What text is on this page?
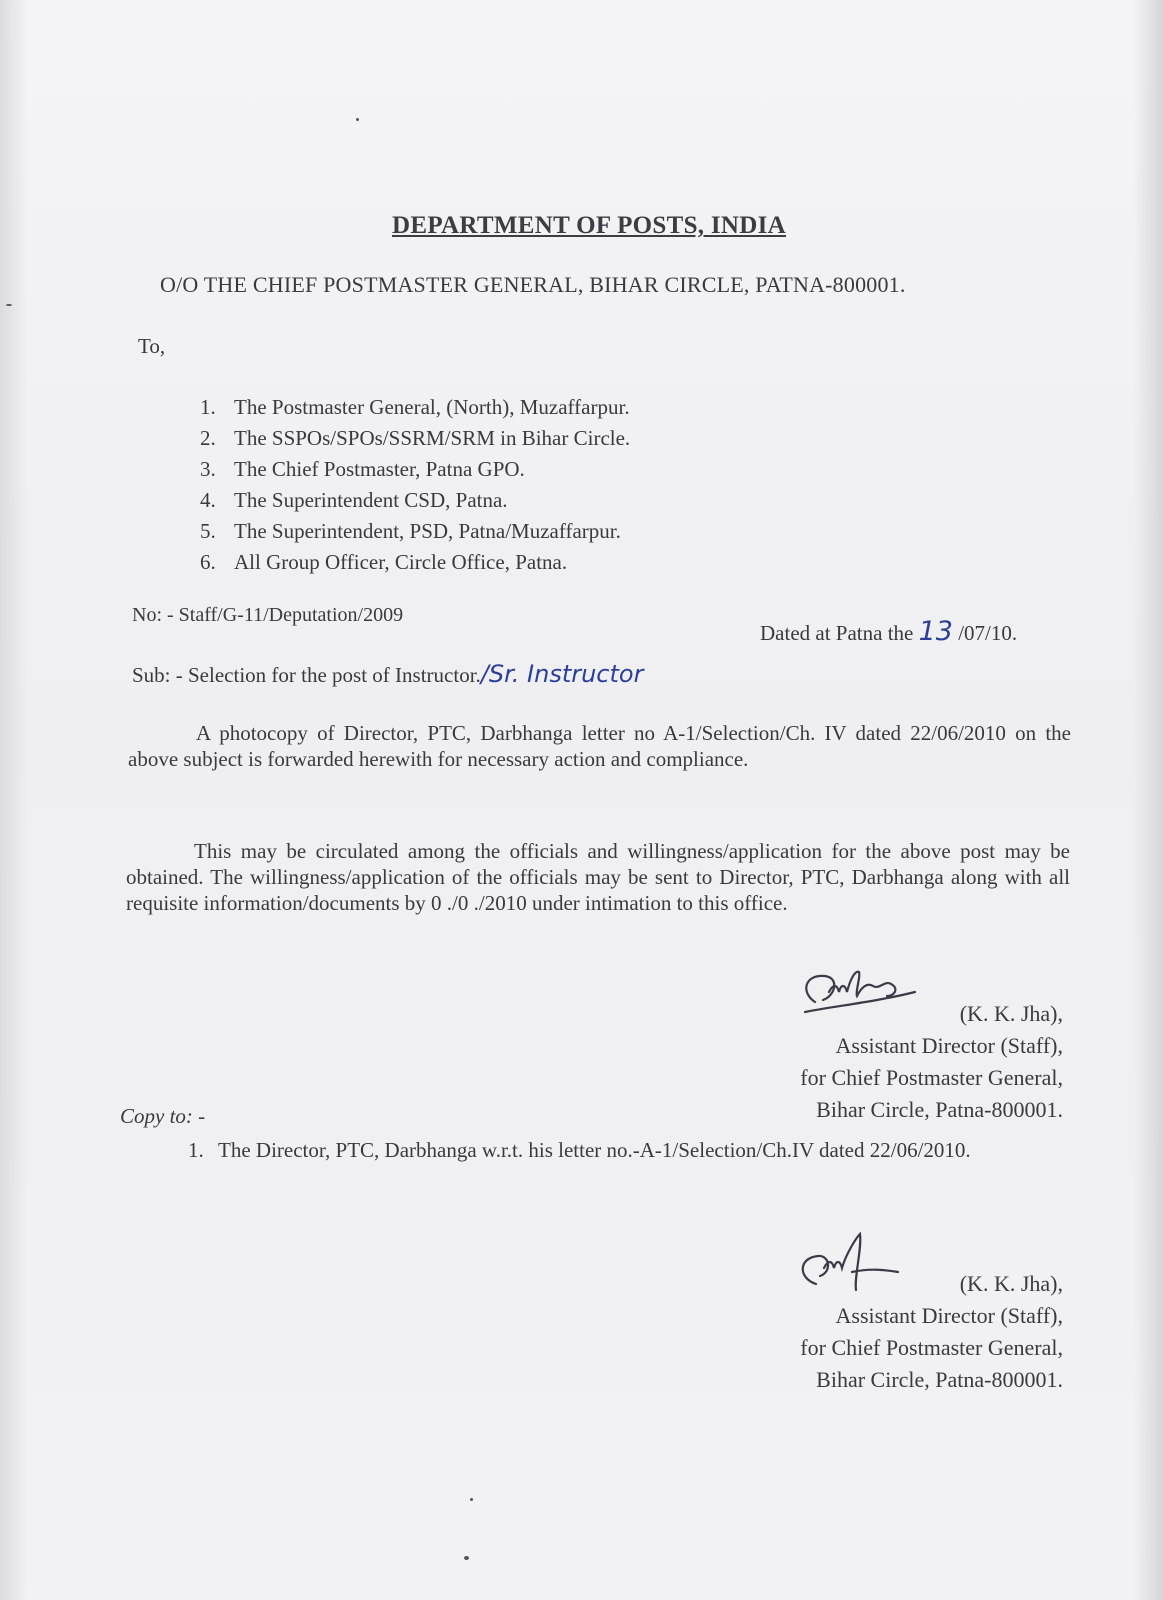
DEPARTMENT OF POSTS, INDIA
O/O THE CHIEF POSTMASTER GENERAL, BIHAR CIRCLE, PATNA-800001.
To,
1. The Postmaster General, (North), Muzaffarpur.
2. The SSPOs/SPOs/SSRM/SRM in Bihar Circle.
3. The Chief Postmaster, Patna GPO.
4. The Superintendent CSD, Patna.
5. The Superintendent, PSD, Patna/Muzaffarpur.
6. All Group Officer, Circle Office, Patna.
No: - Staff/G-11/Deputation/2009
Dated at Patna the 13 /07/10.
Sub: - Selection for the post of Instructor./Sr. Instructor
A photocopy of Director, PTC, Darbhanga letter no A-1/Selection/Ch. IV dated 22/06/2010 on the above subject is forwarded herewith for necessary action and compliance.
This may be circulated among the officials and willingness/application for the above post may be obtained. The willingness/application of the officials may be sent to Director, PTC, Darbhanga along with all requisite information/documents by 0 ./0 ./2010 under intimation to this office.
(K. K. Jha),
Assistant Director (Staff),
for Chief Postmaster General,
Bihar Circle, Patna-800001.
Copy to: -
1. The Director, PTC, Darbhanga w.r.t. his letter no.-A-1/Selection/Ch.IV dated 22/06/2010.
(K. K. Jha),
Assistant Director (Staff),
for Chief Postmaster General,
Bihar Circle, Patna-800001.
